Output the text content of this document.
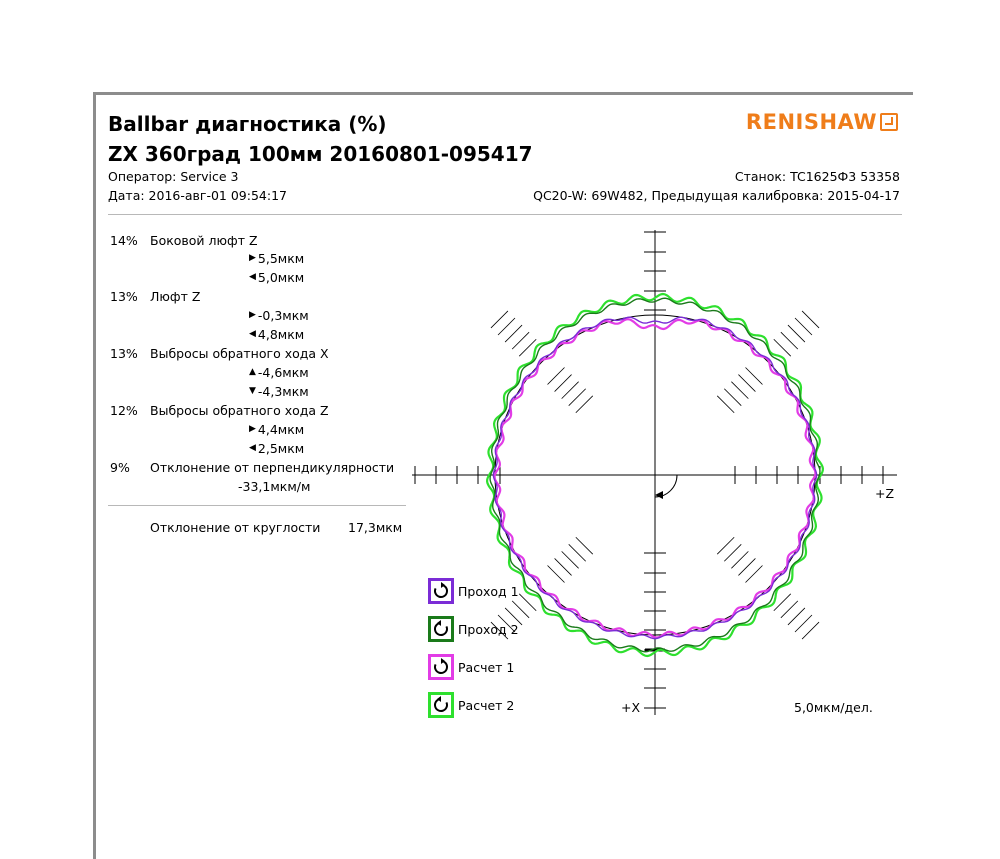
Ballbar диагностика (%)
ZX 360град 100мм 20160801-095417
RENISHAW
Оператор: Service 3
Дата: 2016-авг-01 09:54:17
Станок: TC1625Ф3 53358
QC20-W: 69W482, Предыдущая калибровка: 2015-04-17
14% Боковой люфт Z
▶ 5,5мкм
◀ 5,0мкм
13% Люфт Z
▶ -0,3мкм
◀ 4,8мкм
13% Выбросы обратного хода X
▲ -4,6мкм
▼ -4,3мкм
12% Выбросы обратного хода Z
▶ 4,4мкм
◀ 2,5мкм
9% Отклонение от перпендикулярности
-33,1мкм/м
Отклонение от круглости 17,3мкм
+Z
+X
Проход 1
Проход 2
Расчет 1
Расчет 2	5,0мкм/дел.
